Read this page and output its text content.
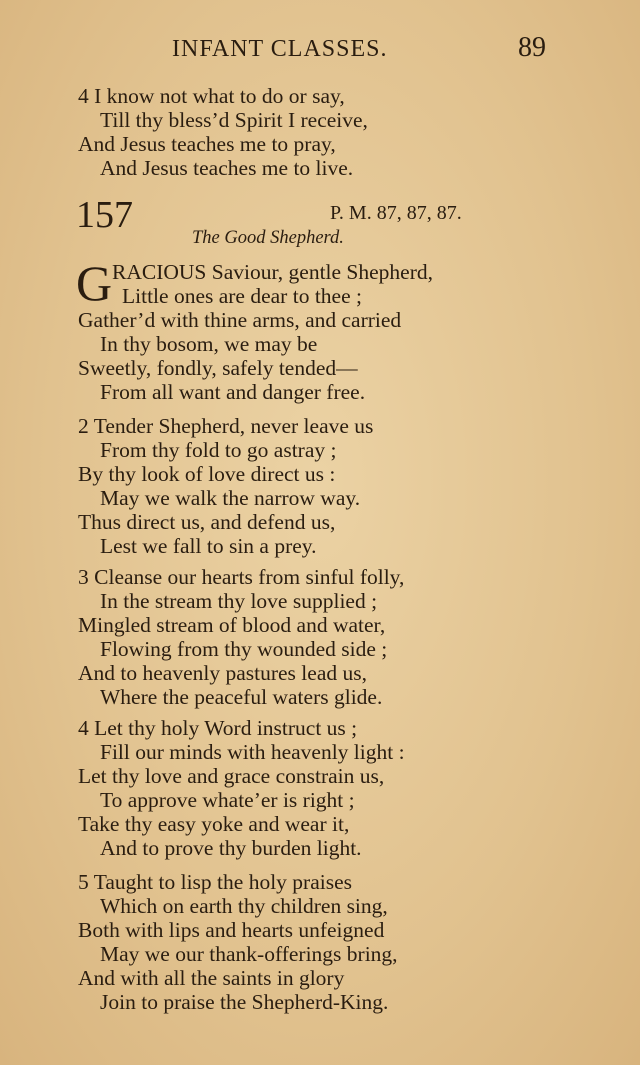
INFANT CLASSES.	89
4 I know not what to do or say,
Till thy bless’d Spirit I receive,
And Jesus teaches me to pray,
And Jesus teaches me to live.
157	P. M. 87, 87, 87.
The Good Shepherd.
G RACIOUS Saviour, gentle Shepherd,
Little ones are dear to thee ;
Gather’d with thine arms, and carried
In thy bosom, we may be
Sweetly, fondly, safely tended—
From all want and danger free.
2 Tender Shepherd, never leave us
From thy fold to go astray ;
By thy look of love direct us :
May we walk the narrow way.
Thus direct us, and defend us,
Lest we fall to sin a prey.
3 Cleanse our hearts from sinful folly,
In the stream thy love supplied ;
Mingled stream of blood and water,
Flowing from thy wounded side ;
And to heavenly pastures lead us,
Where the peaceful waters glide.
4 Let thy holy Word instruct us ;
Fill our minds with heavenly light :
Let thy love and grace constrain us,
To approve whate’er is right ;
Take thy easy yoke and wear it,
And to prove thy burden light.
5 Taught to lisp the holy praises
Which on earth thy children sing,
Both with lips and hearts unfeigned
May we our thank-offerings bring,
And with all the saints in glory
Join to praise the Shepherd-King.
